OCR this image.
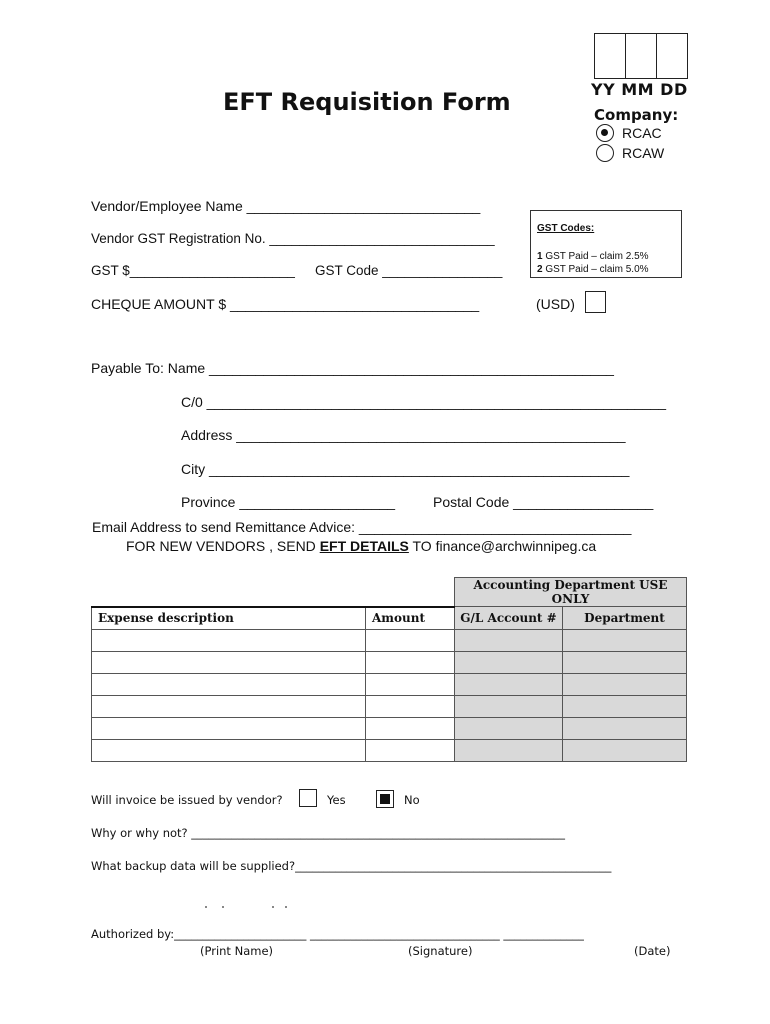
EFT Requisition Form	YY MM DD
Company:
RCAC
RCAW
Vendor/Employee Name ______________________________
Vendor GST Registration No. ______________________________
GST $______________________ GST Code ________________
CHEQUE AMOUNT $ ________________________________	(USD)
GST Codes:
1 GST Paid – claim 2.5%
2 GST Paid – claim 5.0%
Payable To: Name ____________________________________________________
C/0 ___________________________________________________________
Address __________________________________________________
City ______________________________________________________
Province ____________________	Postal Code __________________
Email Address to send Remittance Advice: ___________________________________
FOR NEW VENDORS , SEND EFT DETAILS TO finance@archwinnipeg.ca
		Accounting Department USE ONLY	
Expense description	Amount	G/L Account #	Department

Will invoice be issued by vendor?	Yes	No
Why or why not? _________________________________________________________________
What backup data will be supplied?_______________________________________________________
Authorized by:_______________________ _________________________________ ______________
(Print Name)	(Signature)	(Date)
